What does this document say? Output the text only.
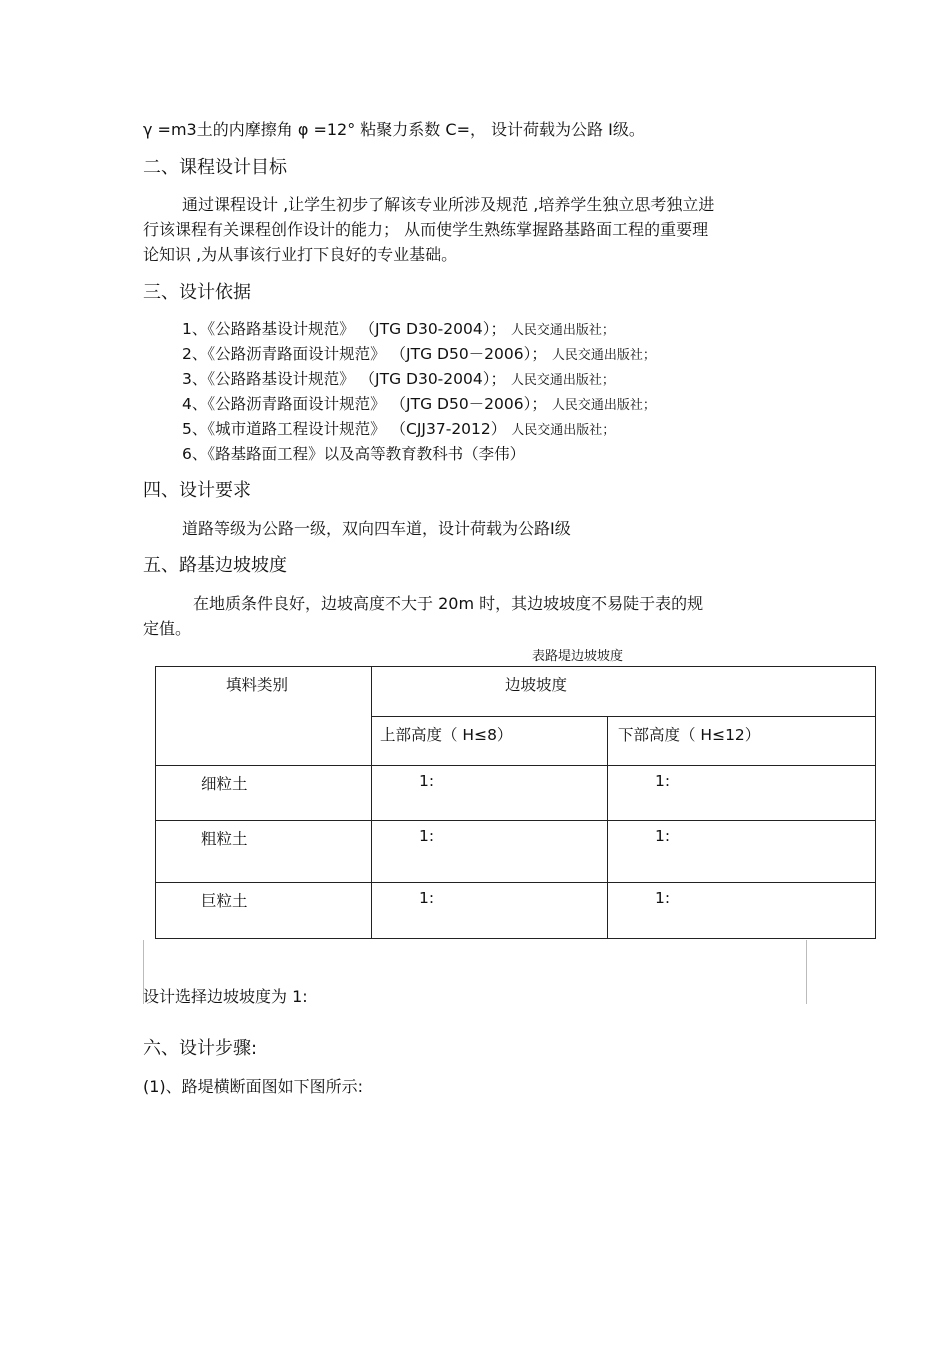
γ =m3土的内摩擦角 φ =12° 粘聚力系数 C=， 设计荷载为公路 Ⅰ级。
二、课程设计目标
通过课程设计 ,让学生初步了解该专业所涉及规范 ,培养学生独立思考独立进
行该课程有关课程创作设计的能力； 从而使学生熟练掌握路基路面工程的重要理
论知识 ,为从事该行业打下良好的专业基础。
三、设计依据
1、《公路路基设计规范》 （JTG D30-2004）； 人民交通出版社；
2、《公路沥青路面设计规范》 （JTG D50－2006）； 人民交通出版社；
3、《公路路基设计规范》 （JTG D30-2004）； 人民交通出版社；
4、《公路沥青路面设计规范》 （JTG D50－2006）； 人民交通出版社；
5、《城市道路工程设计规范》 （CJJ37-2012） 人民交通出版社；
6、《路基路面工程》以及高等教育教科书（李伟）
四、设计要求
道路等级为公路一级，双向四车道，设计荷载为公路Ⅰ级
五、路基边坡坡度
在地质条件良好，边坡高度不大于 20m 时，其边坡坡度不易陡于表的规
定值。
表路堤边坡坡度
填料类别	边坡坡度	

	上部高度（ H≤8）	下部高度（ H≤12）

细粒土	1:	1:

粗粒土	1:	1:

巨粒土	1:	1:
设计选择边坡坡度为 1:
六、设计步骤:
(1)、路堤横断面图如下图所示:
